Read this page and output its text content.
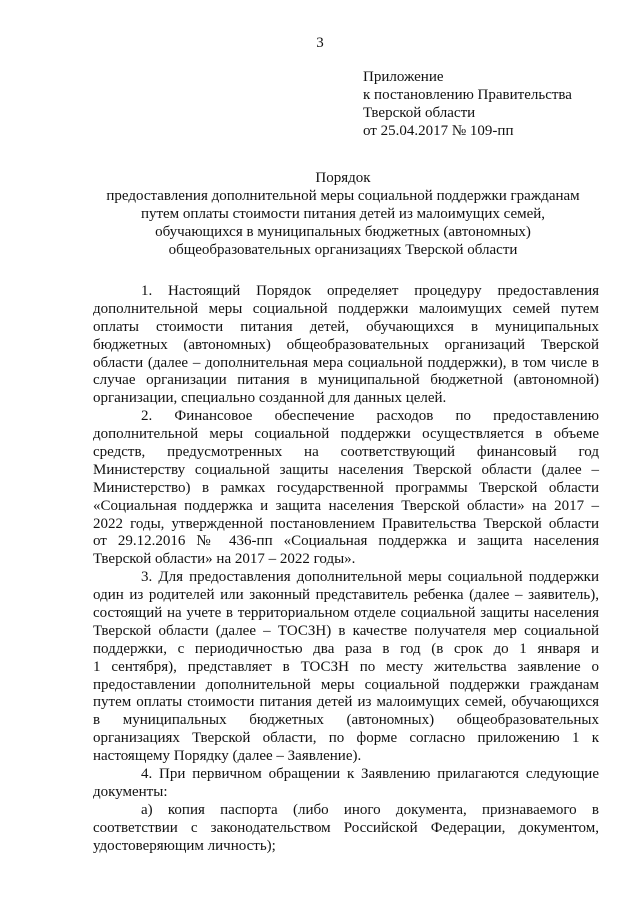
3
Приложение
к постановлению Правительства
Тверской области
от 25.04.2017 № 109-пп
Порядок
предоставления дополнительной меры социальной поддержки гражданам
путем оплаты стоимости питания детей из малоимущих семей,
обучающихся в муниципальных бюджетных (автономных)
общеобразовательных организациях Тверской области
1. Настоящий Порядок определяет процедуру предоставления
дополнительной меры социальной поддержки малоимущих семей путем
оплаты стоимости питания детей, обучающихся в муниципальных
бюджетных (автономных) общеобразовательных организаций Тверской
области (далее – дополнительная мера социальной поддержки), в том числе в
случае организации питания в муниципальной бюджетной (автономной)
организации, специально созданной для данных целей.
2. Финансовое обеспечение расходов по предоставлению
дополнительной меры социальной поддержки осуществляется в объеме
средств, предусмотренных на соответствующий финансовый год
Министерству социальной защиты населения Тверской области (далее –
Министерство) в рамках государственной программы Тверской области
«Социальная поддержка и защита населения Тверской области» на 2017 –
2022 годы, утвержденной постановлением Правительства Тверской области
от 29.12.2016 № 436-пп «Социальная поддержка и защита населения
Тверской области» на 2017 – 2022 годы».
3. Для предоставления дополнительной меры социальной поддержки
один из родителей или законный представитель ребенка (далее – заявитель),
состоящий на учете в территориальном отделе социальной защиты населения
Тверской области (далее – ТОСЗН) в качестве получателя мер социальной
поддержки, с периодичностью два раза в год (в срок до 1 января и
1 сентября), представляет в ТОСЗН по месту жительства заявление о
предоставлении дополнительной меры социальной поддержки гражданам
путем оплаты стоимости питания детей из малоимущих семей, обучающихся
в муниципальных бюджетных (автономных) общеобразовательных
организациях Тверской области, по форме согласно приложению 1 к
настоящему Порядку (далее – Заявление).
4. При первичном обращении к Заявлению прилагаются следующие
документы:
а) копия паспорта (либо иного документа, признаваемого в
соответствии с законодательством Российской Федерации, документом,
удостоверяющим личность);
